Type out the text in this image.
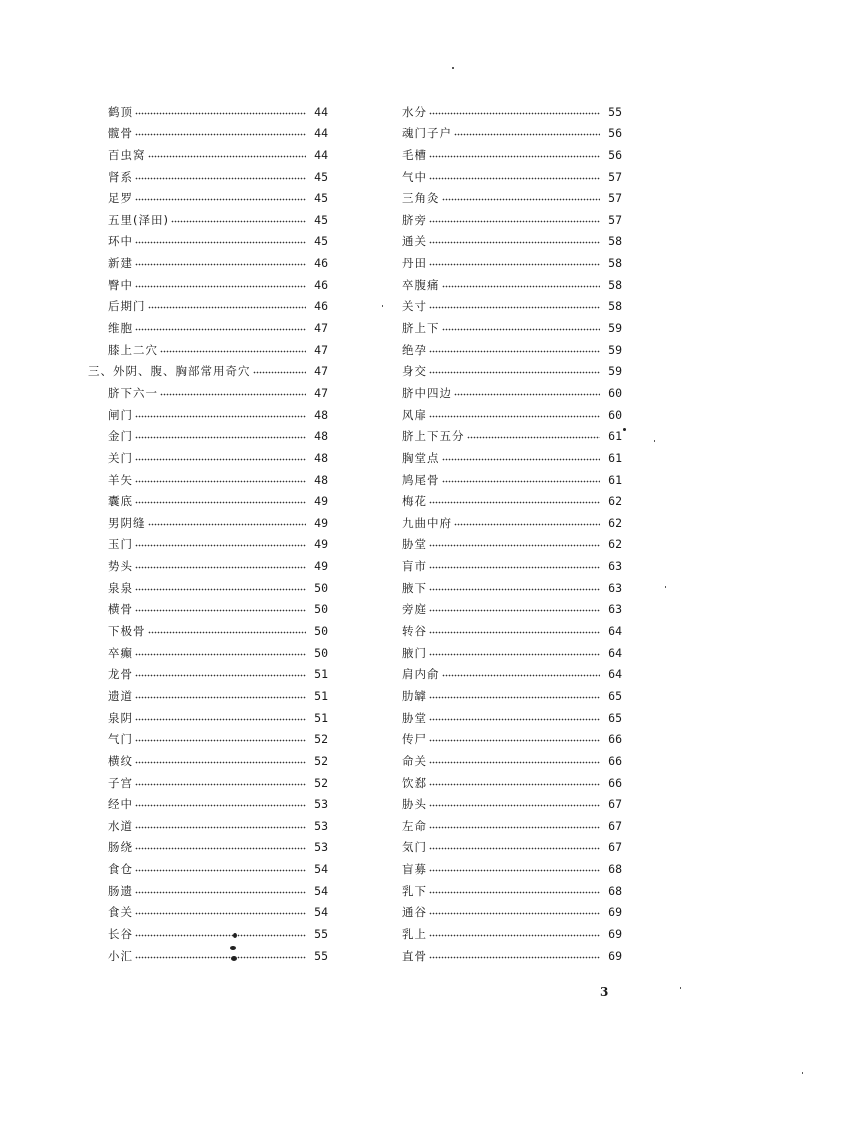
鹤顶	44
髋骨	44
百虫窝	44
肾系	45
足罗	45
五里(泽田)	45
环中	45
新建	46
臀中	46
后期门	46
维胞	47
膝上二穴	47
三、外阴、腹、胸部常用奇穴	47
脐下六一	47
闸门	48
金门	48
关门	48
羊矢	48
囊底	49
男阴缝	49
玉门	49
势头	49
泉泉	50
横骨	50
下极骨	50
卒癫	50
龙骨	51
遗道	51
泉阴	51
气门	52
横纹	52
子宫	52
经中	53
水道	53
肠绕	53
食仓	54
肠遗	54
食关	54
长谷	55
小汇	55
水分	55
魂门子户	56
毛槽	56
气中	57
三角灸	57
脐旁	57
通关	58
丹田	58
卒腹痛	58
关寸	58
脐上下	59
绝孕	59
身交	59
脐中四边	60
风扉	60
脐上下五分	61
胸堂点	61
鸠尾骨	61
梅花	62
九曲中府	62
胁堂	62
肓市	63
腋下	63
旁庭	63
转谷	64
腋门	64
肩内俞	64
肋罅	65
胁堂	65
传尸	66
命关	66
饮郄	66
胁头	67
左命	67
気门	67
盲募	68
乳下	68
通谷	69
乳上	69
直骨	69
3
